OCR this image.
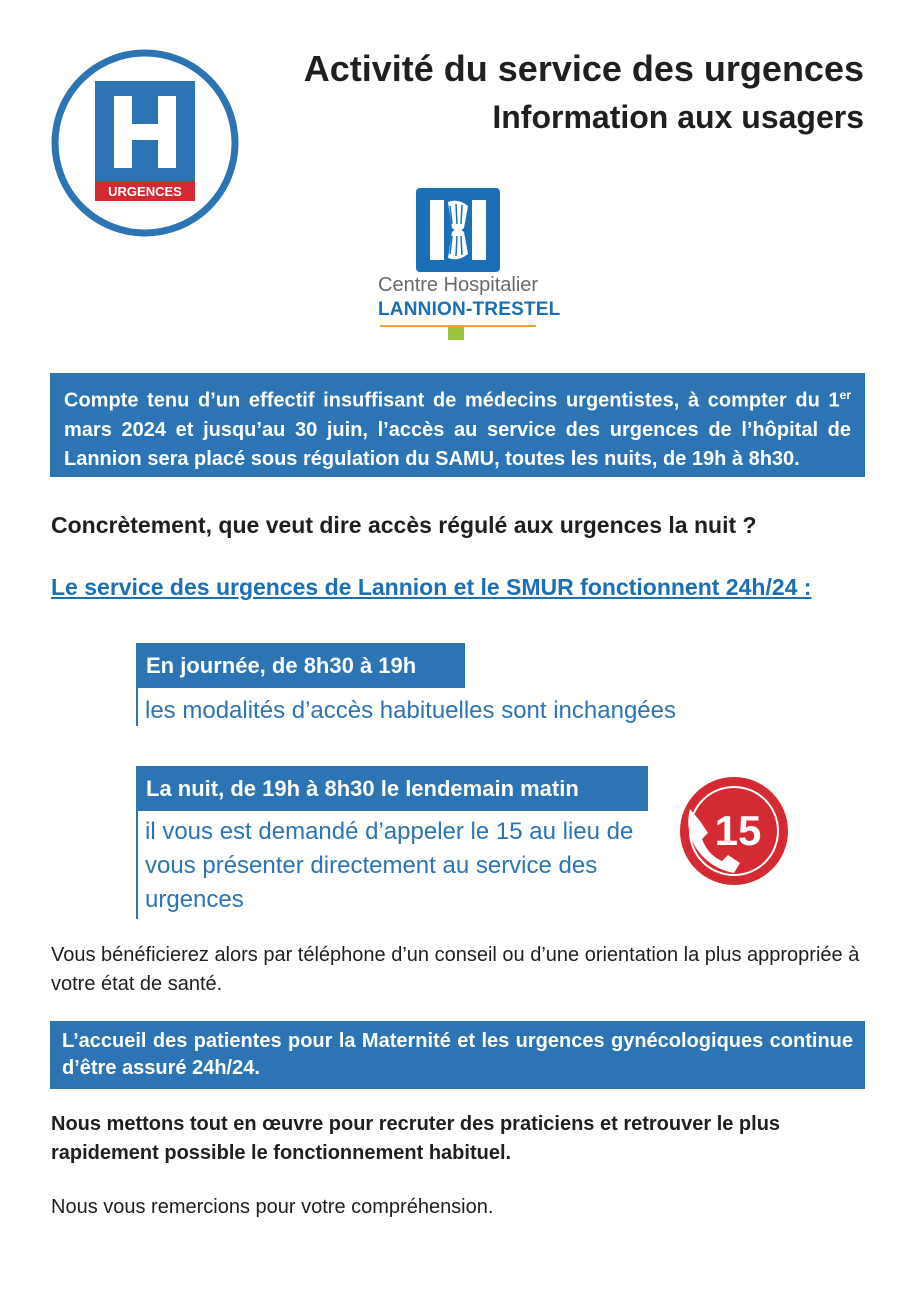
URGENCES
Activité du service des urgences
Information aux usagers
Centre Hospitalier
LANNION-TRESTEL
Compte tenu d’un effectif insuffisant de médecins urgentistes, à compter du 1er mars 2024 et jusqu’au 30 juin, l’accès au service des urgences de l’hôpital de Lannion sera placé sous régulation du SAMU, toutes les nuits, de 19h à 8h30.

Concrètement, que veut dire accès régulé aux urgences la nuit ?

Le service des urgences de Lannion et le SMUR fonctionnent 24h/24 :

En journée, de 8h30 à 19h

les modalités d’accès habituelles sont inchangées

La nuit, de 19h à 8h30 le lendemain matin

il vous est demandé d’appeler le 15 au lieu de vous présenter directement au service des urgences

15

Vous bénéficierez alors par téléphone d’un conseil ou d’une orientation la plus appropriée à votre état de santé.

L’accueil des patientes pour la Maternité et les urgences gynécologiques continue d’être assuré 24h/24.

Nous mettons tout en œuvre pour recruter des praticiens et retrouver le plus rapidement possible le fonctionnement habituel.

Nous vous remercions pour votre compréhension.
